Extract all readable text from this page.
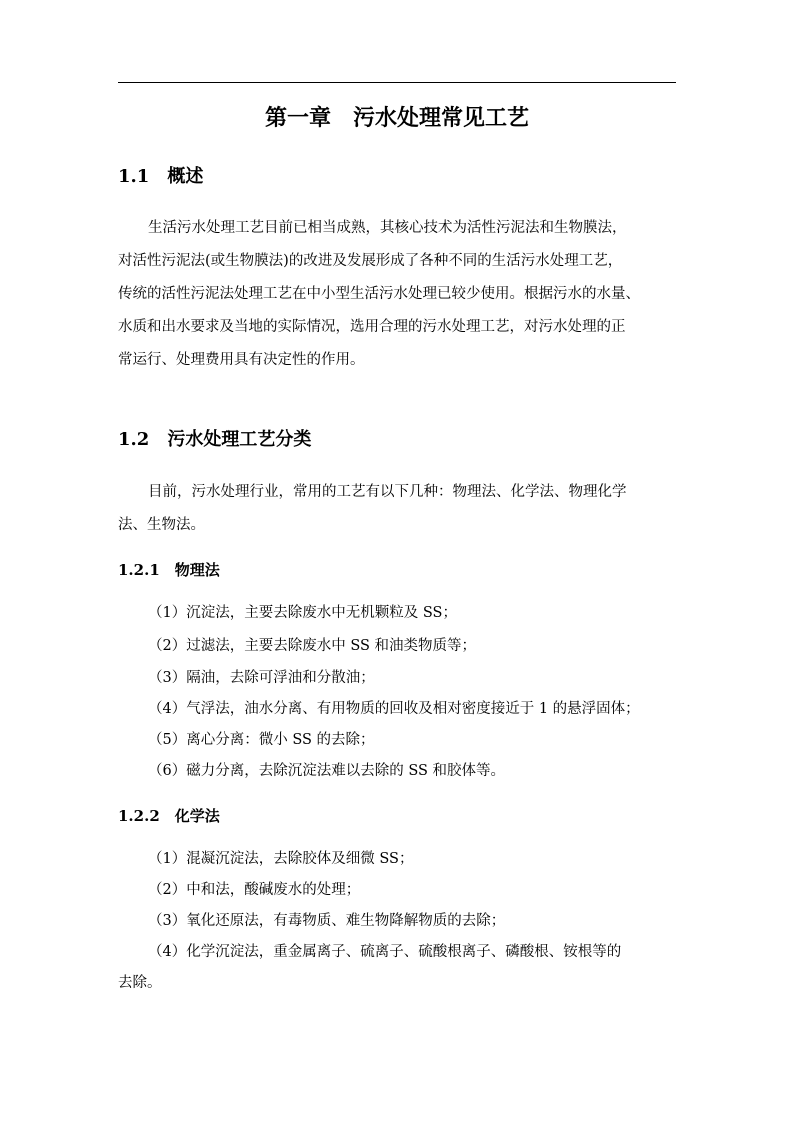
第一章　污水处理常见工艺
1.1　概述
生活污水处理工艺目前已相当成熟，其核心技术为活性污泥法和生物膜法，
对活性污泥法(或生物膜法)的改进及发展形成了各种不同的生活污水处理工艺，
传统的活性污泥法处理工艺在中小型生活污水处理已较少使用。根据污水的水量、
水质和出水要求及当地的实际情况，选用合理的污水处理工艺，对污水处理的正
常运行、处理费用具有决定性的作用。
1.2　污水处理工艺分类
目前，污水处理行业，常用的工艺有以下几种：物理法、化学法、物理化学
法、生物法。
1.2.1　物理法
（1）沉淀法，主要去除废水中无机颗粒及 SS；
（2）过滤法，主要去除废水中 SS 和油类物质等；
（3）隔油，去除可浮油和分散油；
（4）气浮法，油水分离、有用物质的回收及相对密度接近于 1 的悬浮固体；
（5）离心分离：微小 SS 的去除；
（6）磁力分离，去除沉淀法难以去除的 SS 和胶体等。
1.2.2　化学法
（1）混凝沉淀法，去除胶体及细微 SS；
（2）中和法，酸碱废水的处理；
（3）氧化还原法，有毒物质、难生物降解物质的去除；
（4）化学沉淀法，重金属离子、硫离子、硫酸根离子、磷酸根、铵根等的
去除。
